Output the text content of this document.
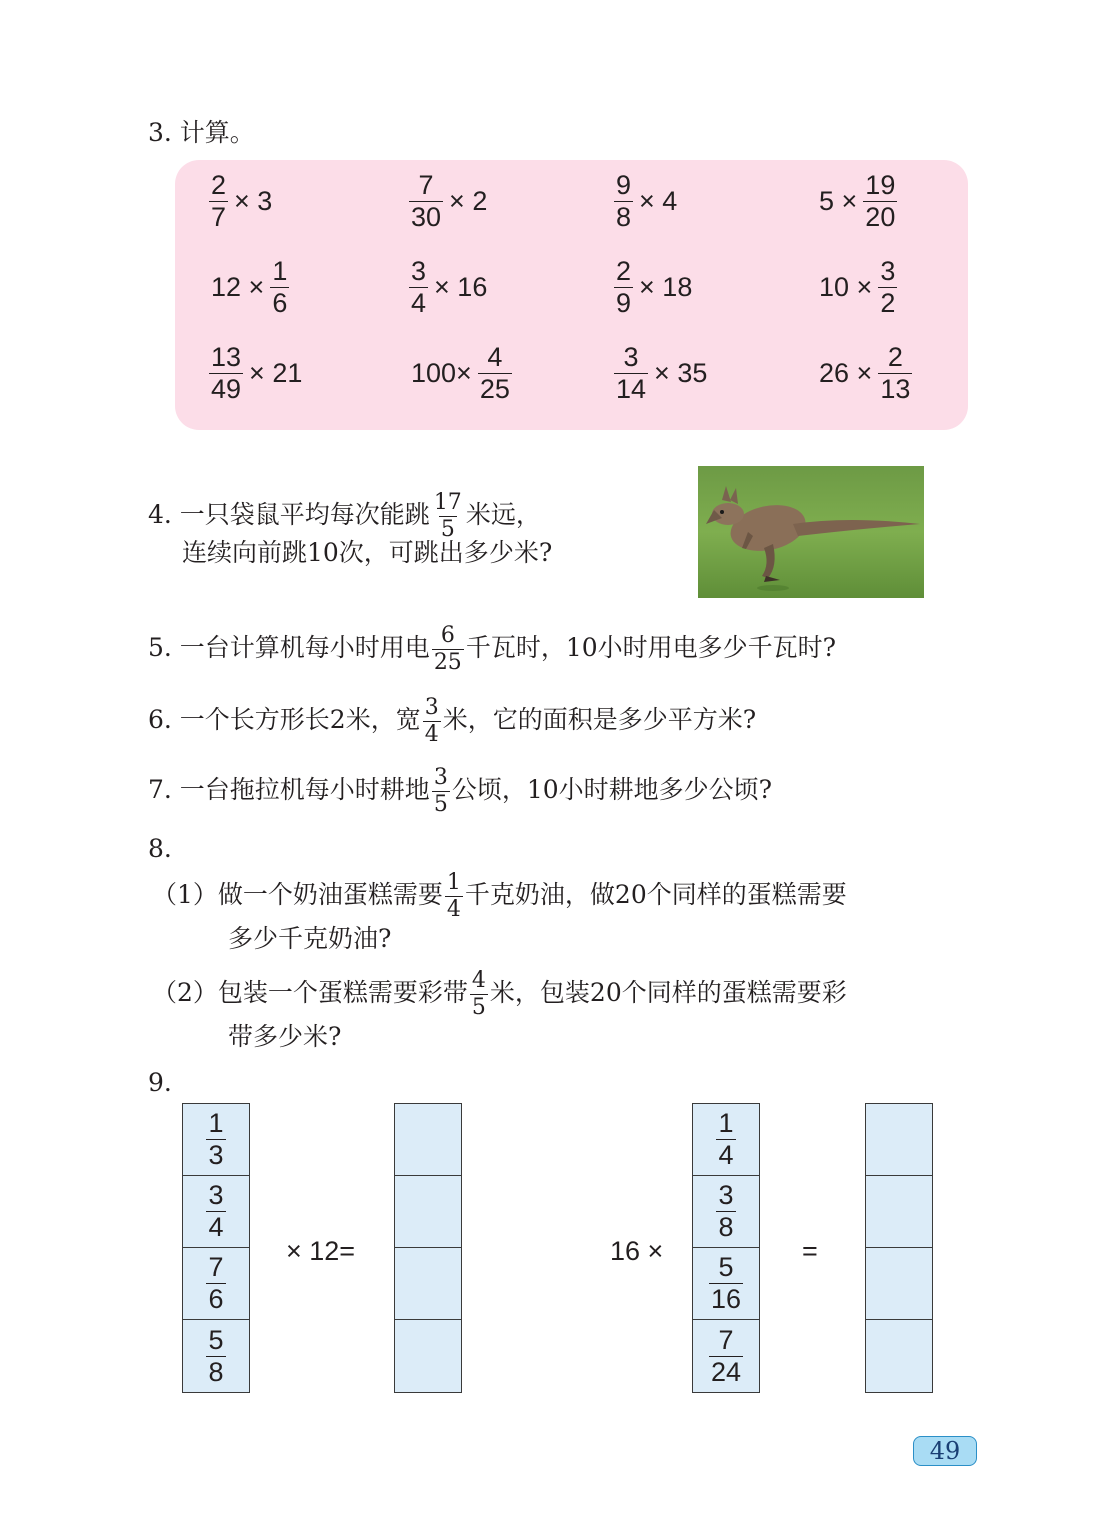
3. 计算。
$\frac{2}{7} \times 3$	$\frac{7}{30} \times 2$	$\frac{9}{8} \times 4$	$5 \times \frac{19}{20}$
$12 \times \frac{1}{6}$	$\frac{3}{4} \times 16$	$\frac{2}{9} \times 18$	$10 \times \frac{3}{2}$
$\frac{13}{49} \times 21$	$100\times \frac{4}{25}$	$\frac{3}{14} \times 35$	$26 \times \frac{2}{13}$
4. 一只袋鼠平均每次能跳 $\frac{17}{5}$ 米远，
连续向前跳10次，可跳出多少米?
5. 一台计算机每小时用电 $\frac{6}{25}$ 千瓦时，10小时用电多少千瓦时?
6. 一个长方形长2米，宽 $\frac{3}{4}$ 米，它的面积是多少平方米?
7. 一台拖拉机每小时耕地 $\frac{3}{5}$ 公顷，10小时耕地多少公顷?
8.
（1）做一个奶油蛋糕需要 $\frac{1}{4}$ 千克奶油，做20个同样的蛋糕需要
多少千克奶油?
（2）包装一个蛋糕需要彩带 $\frac{4}{5}$ 米，包装20个同样的蛋糕需要彩
带多少米?
9.
$\frac{1}{3}$
$\frac{3}{4}$
$\frac{7}{6}$
$\frac{5}{8}$
× 12=	16 ×
$\frac{1}{4}$
$\frac{3}{8}$
$\frac{5}{16}$
$\frac{7}{24}$
=
49
